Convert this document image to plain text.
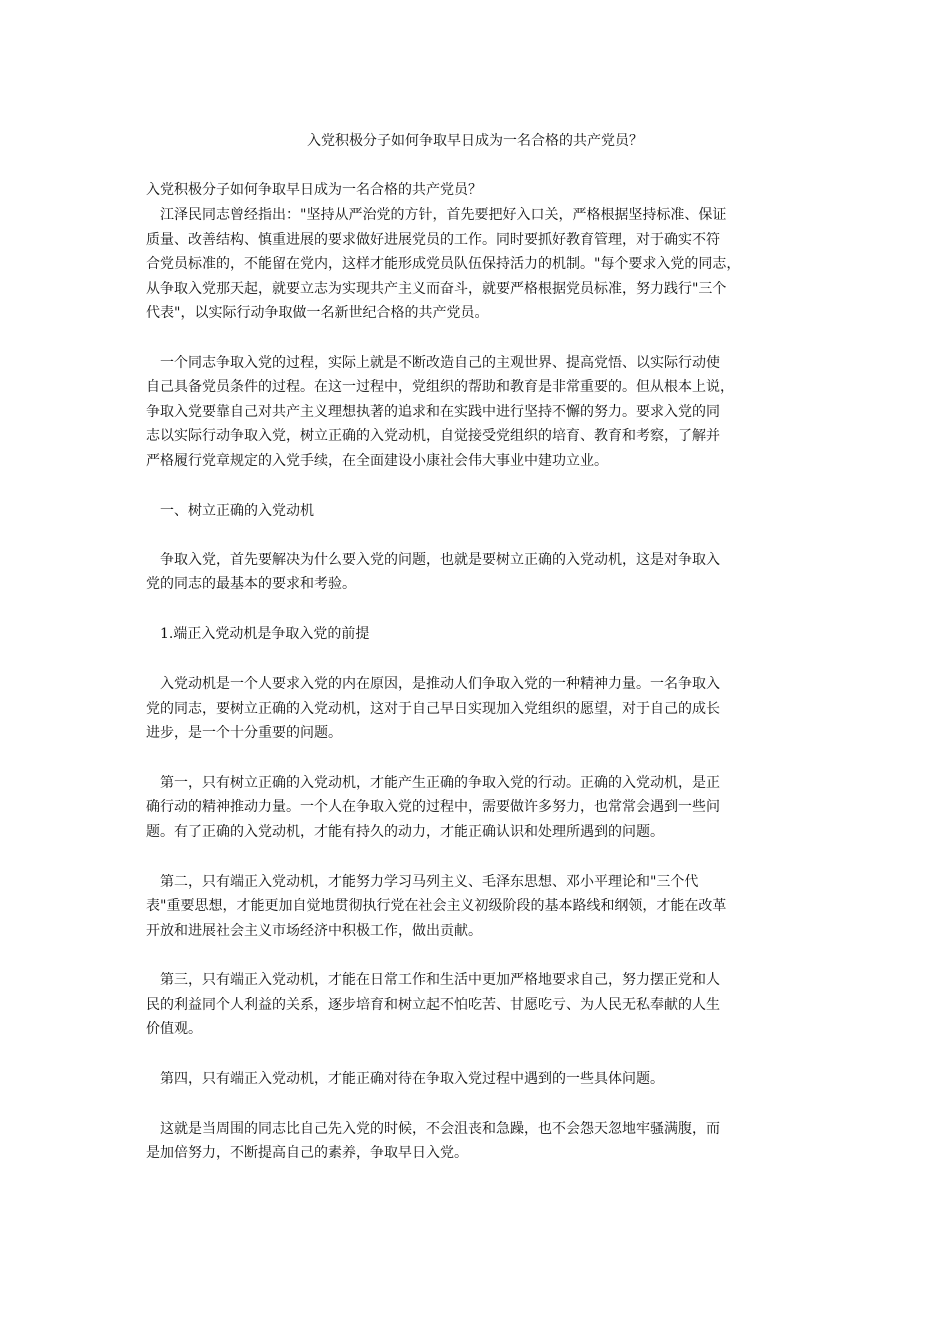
入党积极分子如何争取早日成为一名合格的共产党员？
入党积极分子如何争取早日成为一名合格的共产党员？
　江泽民同志曾经指出："坚持从严治党的方针，首先要把好入口关，严格根据坚持标准、保证
质量、改善结构、慎重进展的要求做好进展党员的工作。同时要抓好教育管理，对于确实不符
合党员标准的，不能留在党内，这样才能形成党员队伍保持活力的机制。"每个要求入党的同志，
从争取入党那天起，就要立志为实现共产主义而奋斗，就要严格根据党员标准，努力践行"三个
代表"，以实际行动争取做一名新世纪合格的共产党员。
　一个同志争取入党的过程，实际上就是不断改造自己的主观世界、提高党悟、以实际行动使
自己具备党员条件的过程。在这一过程中，党组织的帮助和教育是非常重要的。但从根本上说，
争取入党要靠自己对共产主义理想执著的追求和在实践中进行坚持不懈的努力。要求入党的同
志以实际行动争取入党，树立正确的入党动机，自觉接受党组织的培育、教育和考察，了解并
严格履行党章规定的入党手续，在全面建设小康社会伟大事业中建功立业。
　一、树立正确的入党动机
　争取入党，首先要解决为什么要入党的问题，也就是要树立正确的入党动机，这是对争取入
党的同志的最基本的要求和考验。
　1.端正入党动机是争取入党的前提
　入党动机是一个人要求入党的内在原因，是推动人们争取入党的一种精神力量。一名争取入
党的同志，要树立正确的入党动机，这对于自己早日实现加入党组织的愿望，对于自己的成长
进步，是一个十分重要的问题。
　第一，只有树立正确的入党动机，才能产生正确的争取入党的行动。正确的入党动机，是正
确行动的精神推动力量。一个人在争取入党的过程中，需要做许多努力，也常常会遇到一些问
题。有了正确的入党动机，才能有持久的动力，才能正确认识和处理所遇到的问题。
　第二，只有端正入党动机，才能努力学习马列主义、毛泽东思想、邓小平理论和"三个代
表"重要思想，才能更加自觉地贯彻执行党在社会主义初级阶段的基本路线和纲领，才能在改革
开放和进展社会主义市场经济中积极工作，做出贡献。
　第三，只有端正入党动机，才能在日常工作和生活中更加严格地要求自己，努力摆正党和人
民的利益同个人利益的关系，逐步培育和树立起不怕吃苦、甘愿吃亏、为人民无私奉献的人生
价值观。
　第四，只有端正入党动机，才能正确对待在争取入党过程中遇到的一些具体问题。
　这就是当周围的同志比自己先入党的时候，不会沮丧和急躁，也不会怨天忽地牢骚满腹，而
是加倍努力，不断提高自己的素养，争取早日入党。
